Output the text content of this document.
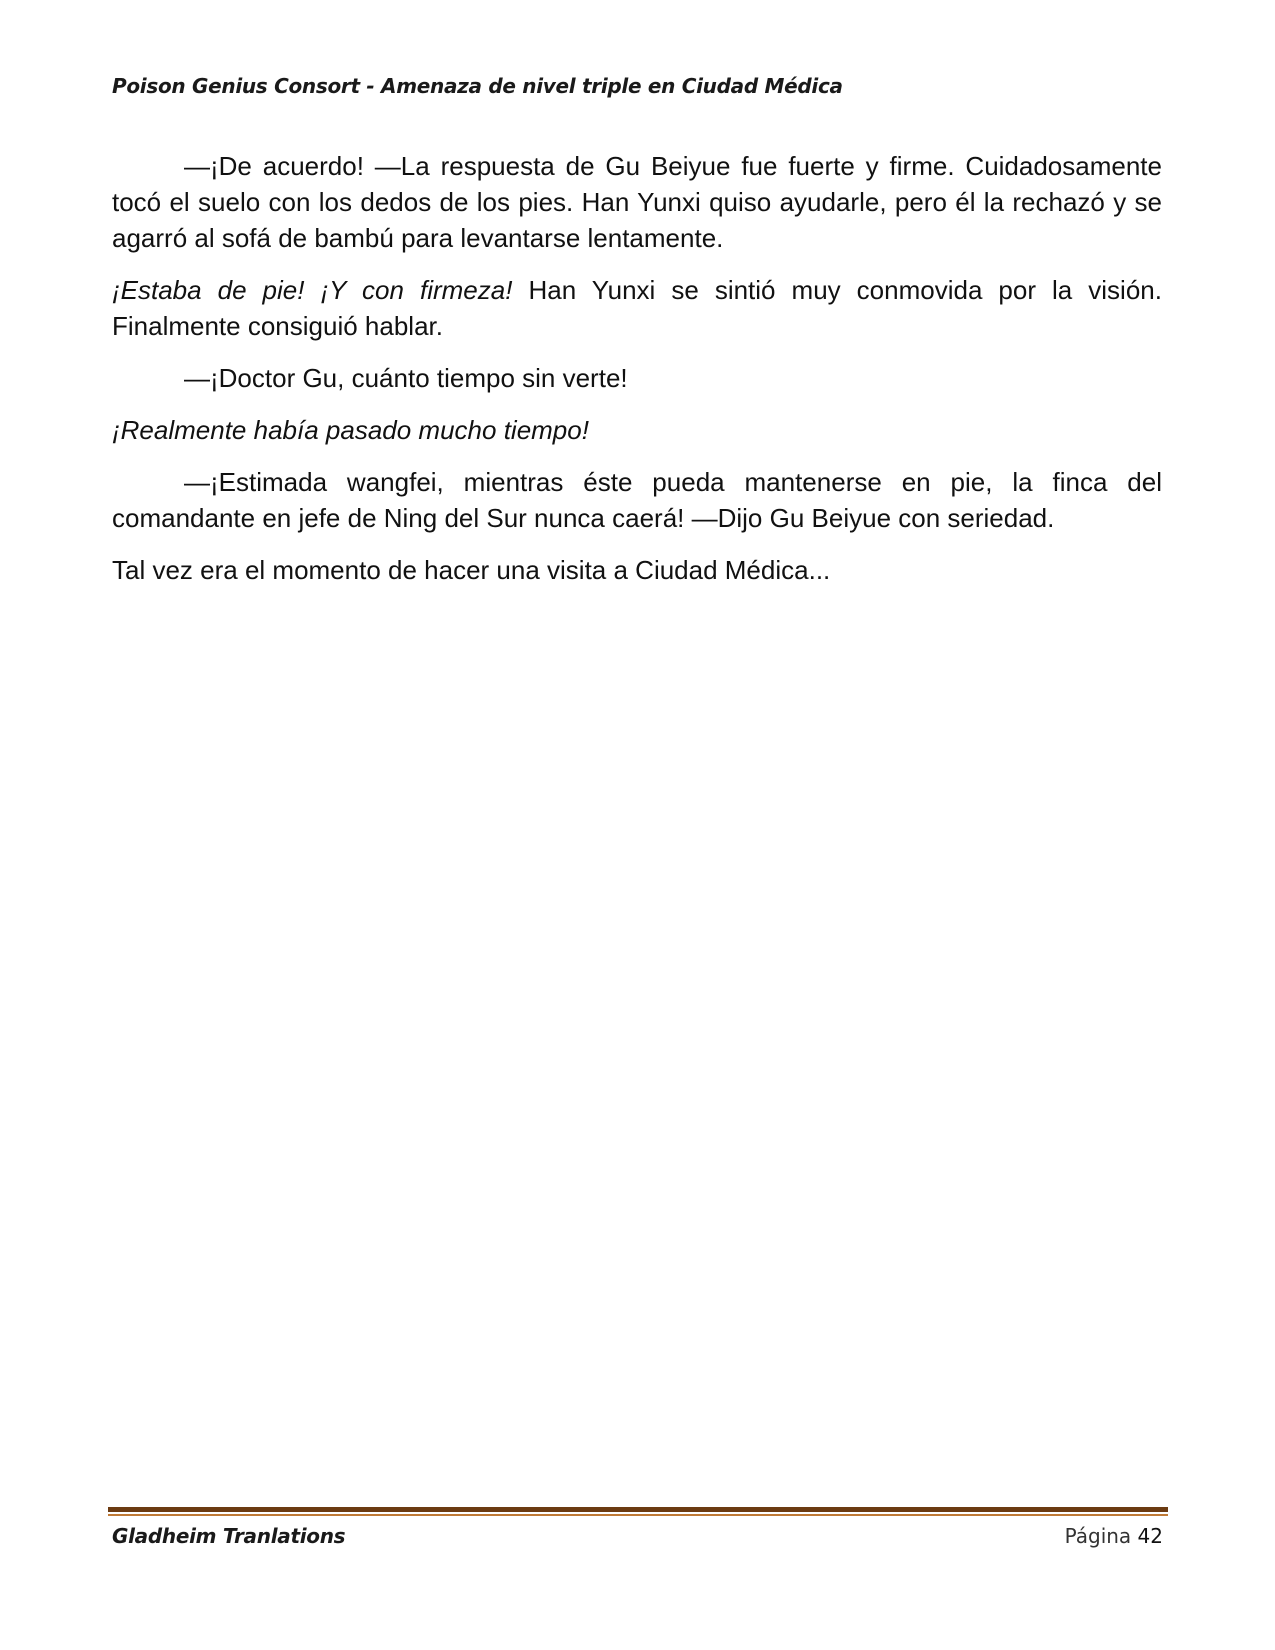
Poison Genius Consort - Amenaza de nivel triple en Ciudad Médica

—¡De acuerdo! —La respuesta de Gu Beiyue fue fuerte y firme. Cuidadosamente tocó el suelo con los dedos de los pies. Han Yunxi quiso ayudarle, pero él la rechazó y se agarró al sofá de bambú para levantarse lentamente.

¡Estaba de pie! ¡Y con firmeza! Han Yunxi se sintió muy conmovida por la visión. Finalmente consiguió hablar.

—¡Doctor Gu, cuánto tiempo sin verte!

¡Realmente había pasado mucho tiempo!

—¡Estimada wangfei, mientras éste pueda mantenerse en pie, la finca del comandante en jefe de Ning del Sur nunca caerá! —Dijo Gu Beiyue con seriedad.

Tal vez era el momento de hacer una visita a Ciudad Médica...

Gladheim Tranlations	Página 42
